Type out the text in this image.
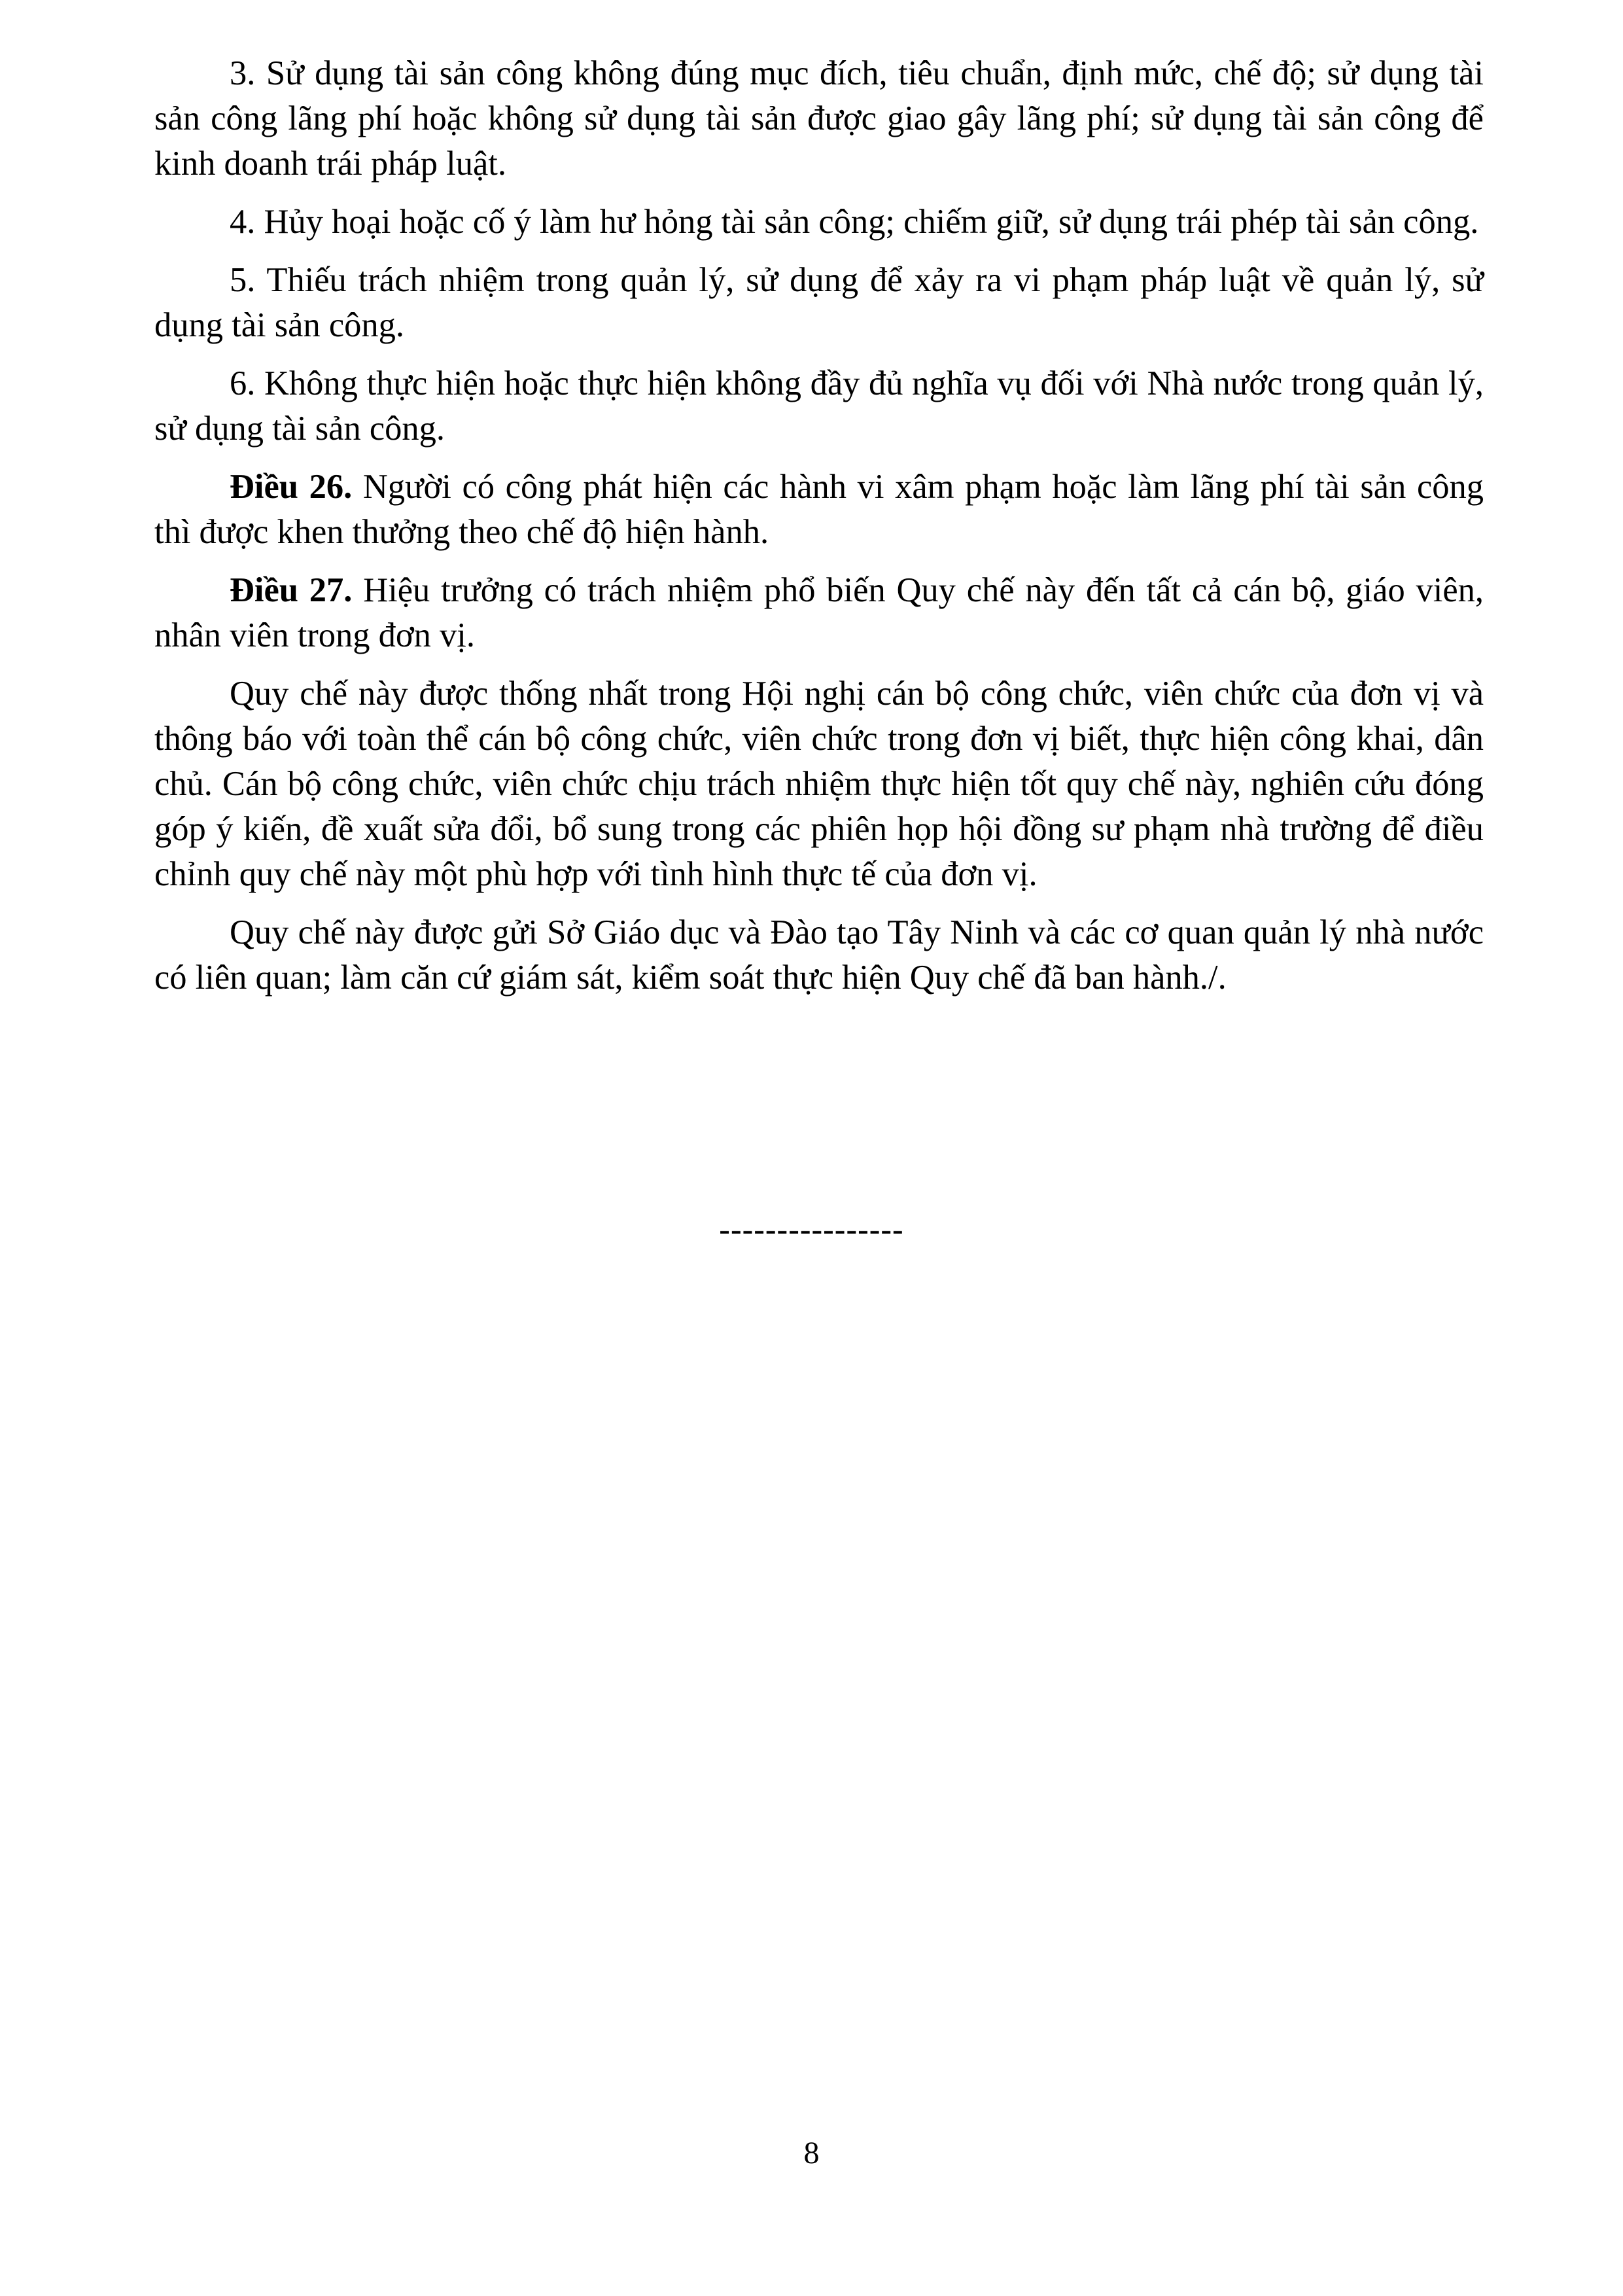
3. Sử dụng tài sản công không đúng mục đích, tiêu chuẩn, định mức, chế độ; sử dụng tài sản công lãng phí hoặc không sử dụng tài sản được giao gây lãng phí; sử dụng tài sản công để kinh doanh trái pháp luật.

4. Hủy hoại hoặc cố ý làm hư hỏng tài sản công; chiếm giữ, sử dụng trái phép tài sản công.

5. Thiếu trách nhiệm trong quản lý, sử dụng để xảy ra vi phạm pháp luật về quản lý, sử dụng tài sản công.

6. Không thực hiện hoặc thực hiện không đầy đủ nghĩa vụ đối với Nhà nước trong quản lý, sử dụng tài sản công.

Điều 26. Người có công phát hiện các hành vi xâm phạm hoặc làm lãng phí tài sản công thì được khen thưởng theo chế độ hiện hành.

Điều 27. Hiệu trưởng có trách nhiệm phổ biến Quy chế này đến tất cả cán bộ, giáo viên, nhân viên trong đơn vị.

Quy chế này được thống nhất trong Hội nghị cán bộ công chức, viên chức của đơn vị và thông báo với toàn thể cán bộ công chức, viên chức trong đơn vị biết, thực hiện công khai, dân chủ. Cán bộ công chức, viên chức chịu trách nhiệm thực hiện tốt quy chế này, nghiên cứu đóng góp ý kiến, đề xuất sửa đổi, bổ sung trong các phiên họp hội đồng sư phạm nhà trường để điều chỉnh quy chế này một phù hợp với tình hình thực tế của đơn vị.

Quy chế này được gửi Sở Giáo dục và Đào tạo Tây Ninh và các cơ quan quản lý nhà nước có liên quan; làm căn cứ giám sát, kiểm soát thực hiện Quy chế đã ban hành./.

----------------
8
